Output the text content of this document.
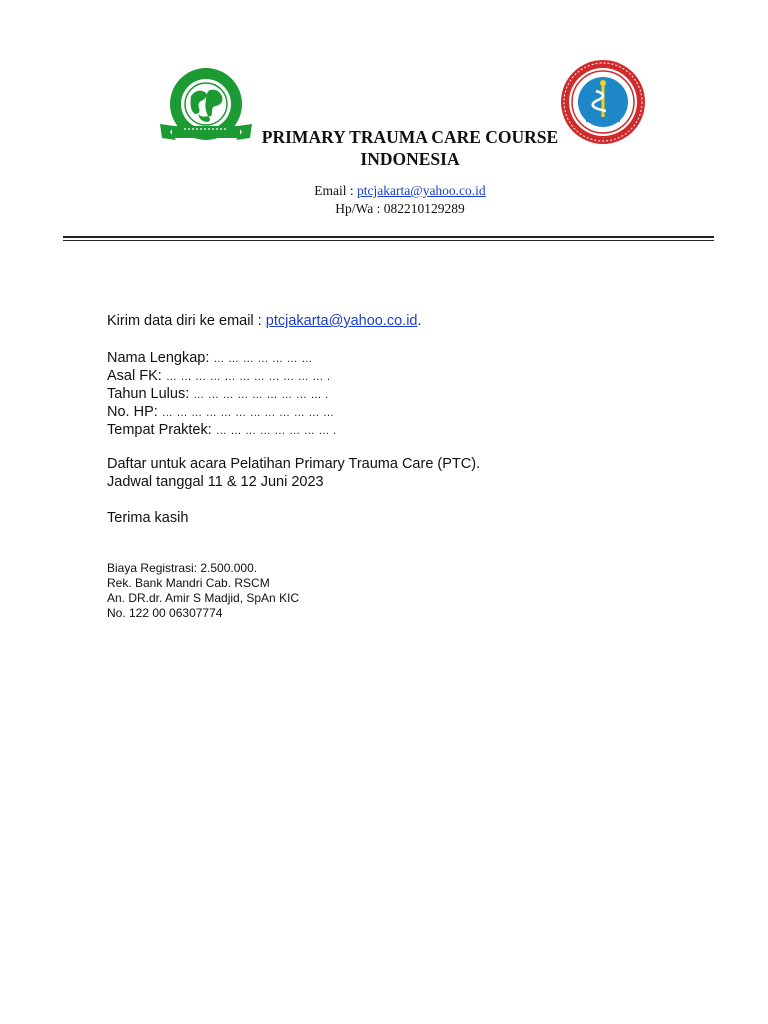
PRIMARY TRAUMA CARE COURSE
INDONESIA
Email : ptcjakarta@yahoo.co.id
Hp/Wa : 082210129289
Kirim data diri ke email : ptcjakarta@yahoo.co.id.
Nama Lengkap: … … … … … … …
Asal FK: … … … … … … … … … … … .
Tahun Lulus: … … … … … … … … … .
No. HP: … … … … … … … … … … … …
Tempat Praktek: … … … … … … … … .
Daftar untuk acara Pelatihan Primary Trauma Care (PTC).
Jadwal tanggal 11 & 12 Juni 2023
Terima kasih
Biaya Registrasi: 2.500.000.
Rek. Bank Mandri Cab. RSCM
An. DR.dr. Amir S Madjid, SpAn KIC
No. 122 00 06307774
